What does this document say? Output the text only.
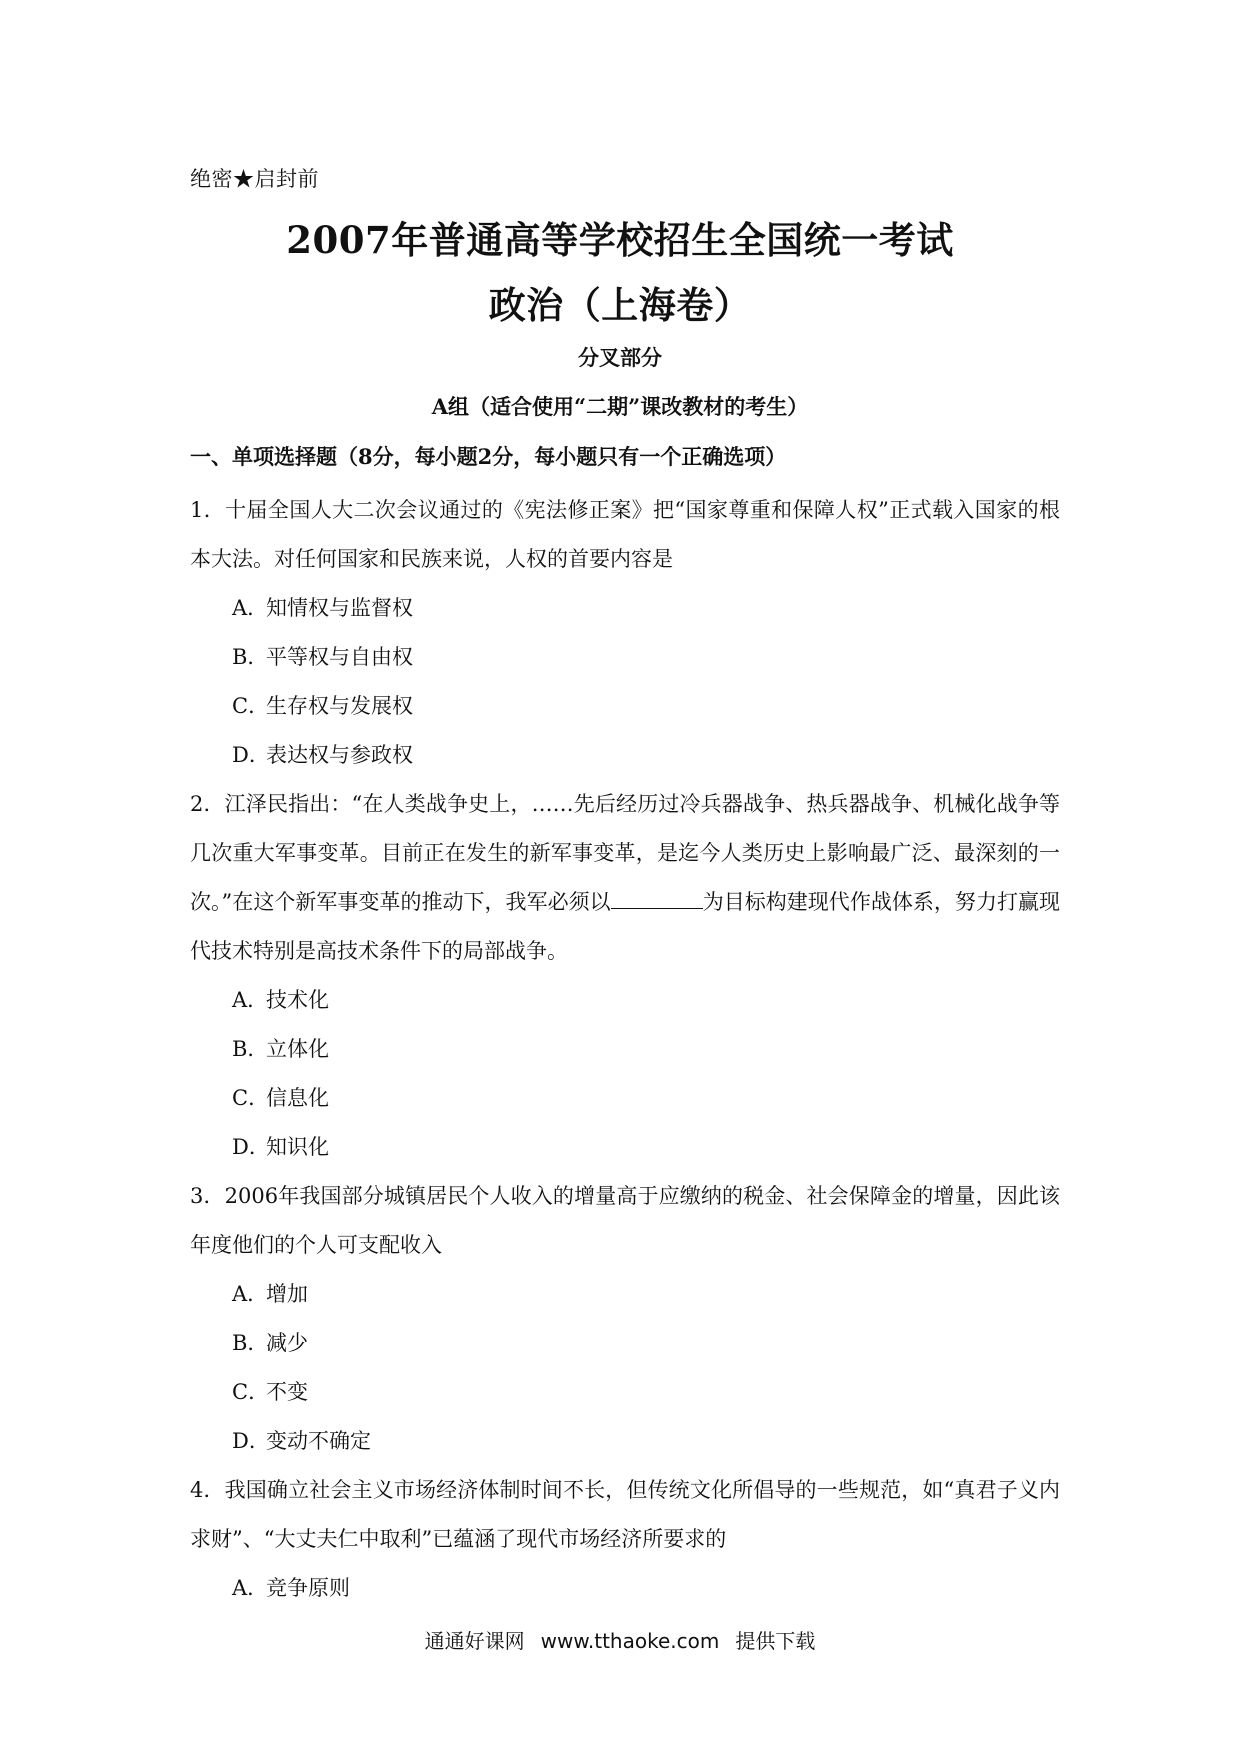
绝密★启封前
2007年普通高等学校招生全国统一考试
政治（上海卷）
分叉部分
A组（适合使用“二期”课改教材的考生）
一、单项选择题（8分，每小题2分，每小题只有一个正确选项）

1．十届全国人大二次会议通过的《宪法修正案》把“国家尊重和保障人权”正式载入国家的根本大法。对任何国家和民族来说，人权的首要内容是

A．知情权与监督权
B．平等权与自由权
C．生存权与发展权
D．表达权与参政权

2．江泽民指出：“在人类战争史上，……先后经历过冷兵器战争、热兵器战争、机械化战争等几次重大军事变革。目前正在发生的新军事变革，是迄今人类历史上影响最广泛、最深刻的一次。”在这个新军事变革的推动下，我军必须以	为目标构建现代作战体系，努力打赢现代技术特别是高技术条件下的局部战争。

A．技术化
B．立体化
C．信息化
D．知识化

3．2006年我国部分城镇居民个人收入的增量高于应缴纳的税金、社会保障金的增量，因此该年度他们的个人可支配收入

A．增加
B．减少
C．不变
D．变动不确定

4．我国确立社会主义市场经济体制时间不长，但传统文化所倡导的一些规范，如“真君子义内求财”、“大丈夫仁中取利”已蕴涵了现代市场经济所要求的

A．竞争原则
通通好课网 www.tthaoke.com 提供下载
